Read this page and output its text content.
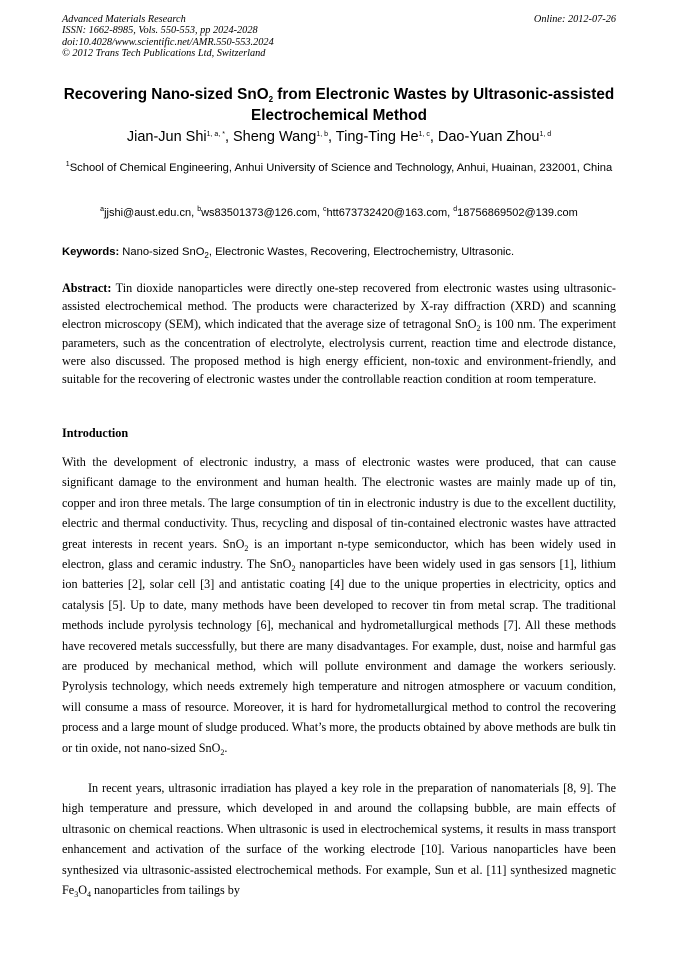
Advanced Materials Research
ISSN: 1662-8985, Vols. 550-553, pp 2024-2028
doi:10.4028/www.scientific.net/AMR.550-553.2024
© 2012 Trans Tech Publications Ltd, Switzerland
Online: 2012-07-26
Recovering Nano-sized SnO$_2$ from Electronic Wastes by Ultrasonic-assisted Electrochemical Method
Jian-Jun Shi$^{1, a, *}$, Sheng Wang$^{1, b}$, Ting-Ting He$^{1, c}$, Dao-Yuan Zhou$^{1, d}$
$^1$School of Chemical Engineering, Anhui University of Science and Technology, Anhui, Huainan, 232001, China
$^a$jjshi@aust.edu.cn, $^b$ws83501373@126.com, $^c$htt673732420@163.com, $^d$18756869502@139.com
Keywords: Nano-sized SnO$_2$, Electronic Wastes, Recovering, Electrochemistry, Ultrasonic.
Abstract: Tin dioxide nanoparticles were directly one-step recovered from electronic wastes using ultrasonic-assisted electrochemical method. The products were characterized by X-ray diffraction (XRD) and scanning electron microscopy (SEM), which indicated that the average size of tetragonal SnO$_2$ is 100 nm. The experiment parameters, such as the concentration of electrolyte, electrolysis current, reaction time and electrode distance, were also discussed. The proposed method is high energy efficient, non-toxic and environment-friendly, and suitable for the recovering of electronic wastes under the controllable reaction condition at room temperature.
Introduction
With the development of electronic industry, a mass of electronic wastes were produced, that can cause significant damage to the environment and human health. The electronic wastes are mainly made up of tin, copper and iron three metals. The large consumption of tin in electronic industry is due to the excellent ductility, electric and thermal conductivity. Thus, recycling and disposal of tin-contained electronic wastes have attracted great interests in recent years. SnO$_2$ is an important n-type semiconductor, which has been widely used in electron, glass and ceramic industry. The SnO$_2$ nanoparticles have been widely used in gas sensors [1], lithium ion batteries [2], solar cell [3] and antistatic coating [4] due to the unique properties in electricity, optics and catalysis [5]. Up to date, many methods have been developed to recover tin from metal scrap. The traditional methods include pyrolysis technology [6], mechanical and hydrometallurgical methods [7]. All these methods have recovered metals successfully, but there are many disadvantages. For example, dust, noise and harmful gas are produced by mechanical method, which will pollute environment and damage the workers seriously. Pyrolysis technology, which needs extremely high temperature and nitrogen atmosphere or vacuum condition, will consume a mass of resource. Moreover, it is hard for hydrometallurgical method to control the recovering process and a large mount of sludge produced. What’s more, the products obtained by above methods are bulk tin or tin oxide, not nano-sized SnO$_2$.
In recent years, ultrasonic irradiation has played a key role in the preparation of nanomaterials [8, 9]. The high temperature and pressure, which developed in and around the collapsing bubble, are main effects of ultrasonic on chemical reactions. When ultrasonic is used in electrochemical systems, it results in mass transport enhancement and activation of the surface of the working electrode [10]. Various nanoparticles have been synthesized via ultrasonic-assisted electrochemical methods. For example, Sun et al. [11] synthesized magnetic $Fe_3O_4$ nanoparticles from tailings by
